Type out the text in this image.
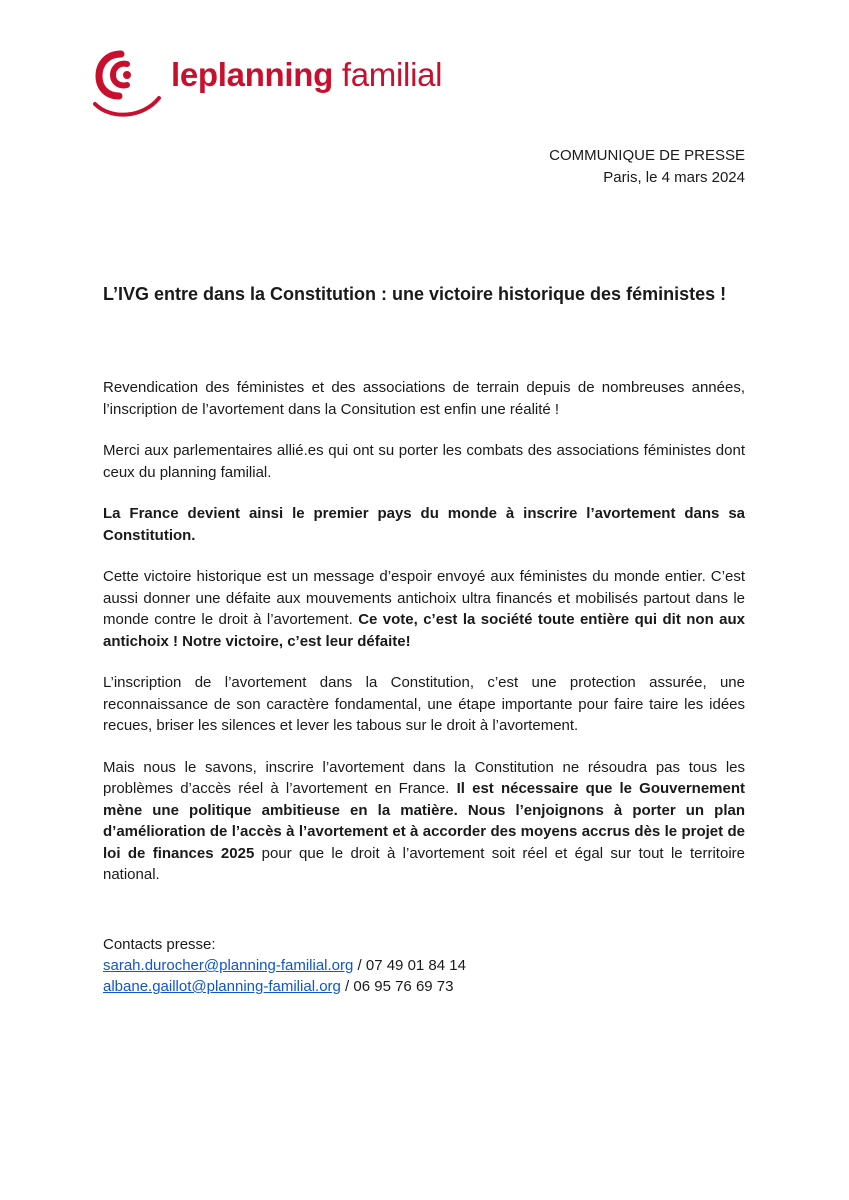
leplanning familial
COMMUNIQUE DE PRESSE
Paris, le 4 mars 2024
L’IVG entre dans la Constitution : une victoire historique des féministes !

Revendication des féministes et des associations de terrain depuis de nombreuses années, l’inscription de l’avortement dans la Consitution est enfin une réalité !

Merci aux parlementaires allié.es qui ont su porter les combats des associations féministes dont ceux du planning familial.

La France devient ainsi le premier pays du monde à inscrire l’avortement dans sa Constitution.

Cette victoire historique est un message d’espoir envoyé aux féministes du monde entier. C’est aussi donner une défaite aux mouvements antichoix ultra financés et mobilisés partout dans le monde contre le droit à l’avortement. Ce vote, c’est la société toute entière qui dit non aux antichoix ! Notre victoire, c’est leur défaite!

L’inscription de l’avortement dans la Constitution, c’est une protection assurée, une reconnaissance de son caractère fondamental, une étape importante pour faire taire les idées recues, briser les silences et lever les tabous sur le droit à l’avortement.

Mais nous le savons, inscrire l’avortement dans la Constitution ne résoudra pas tous les problèmes d’accès réel à l’avortement en France. Il est nécessaire que le Gouvernement mène une politique ambitieuse en la matière. Nous l’enjoignons à porter un plan d’amélioration de l’accès à l’avortement et à accorder des moyens accrus dès le projet de loi de finances 2025 pour que le droit à l’avortement soit réel et égal sur tout le territoire national.

Contacts presse:
sarah.durocher@planning-familial.org / 07 49 01 84 14
albane.gaillot@planning-familial.org / 06 95 76 69 73
